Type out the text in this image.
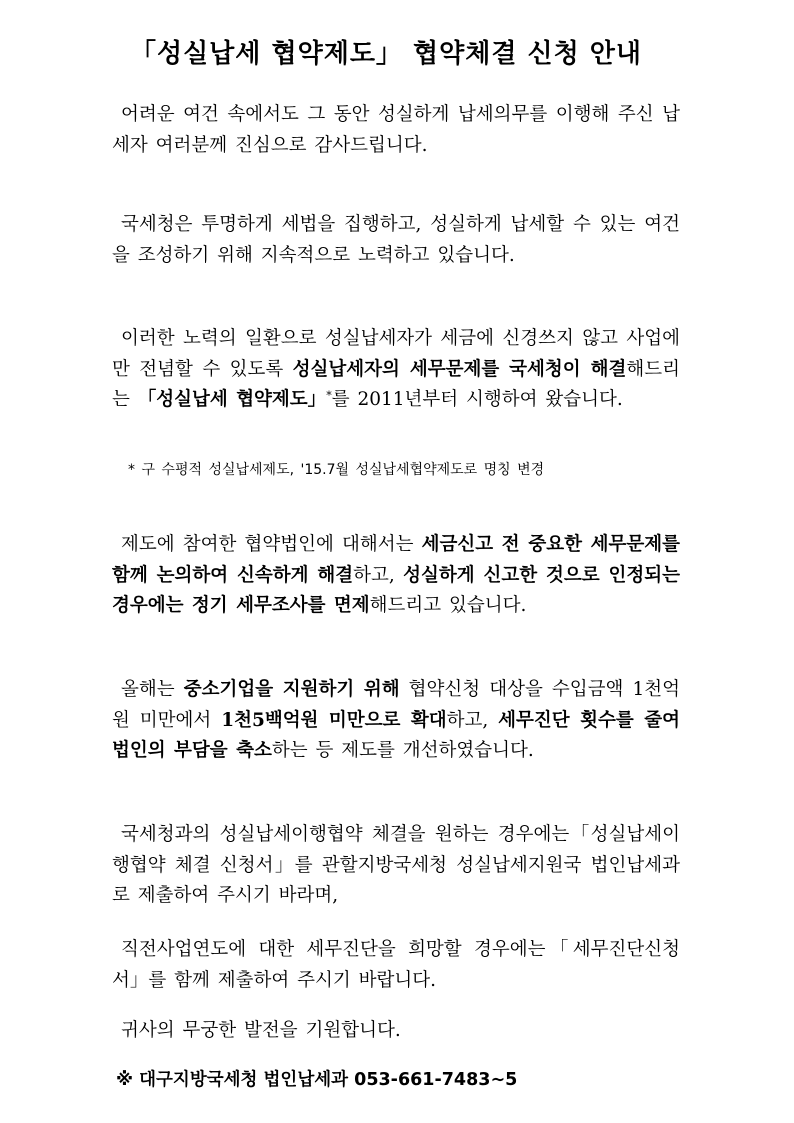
「성실납세 협약제도」 협약체결 신청 안내

어려운 여건 속에서도 그 동안 성실하게 납세의무를 이행해 주신 납세자 여러분께 진심으로 감사드립니다.

국세청은 투명하게 세법을 집행하고, 성실하게 납세할 수 있는 여건을 조성하기 위해 지속적으로 노력하고 있습니다.

이러한 노력의 일환으로 성실납세자가 세금에 신경쓰지 않고 사업에만 전념할 수 있도록 성실납세자의 세무문제를 국세청이 해결해드리는 「성실납세 협약제도」*를 2011년부터 시행하여 왔습니다.

* 구 수평적 성실납세제도, '15.7월 성실납세협약제도로 명칭 변경

제도에 참여한 협약법인에 대해서는 세금신고 전 중요한 세무문제를 함께 논의하여 신속하게 해결하고, 성실하게 신고한 것으로 인정되는 경우에는 정기 세무조사를 면제해드리고 있습니다.

올해는 중소기업을 지원하기 위해 협약신청 대상을 수입금액 1천억원 미만에서 1천5백억원 미만으로 확대하고, 세무진단 횟수를 줄여 법인의 부담을 축소하는 등 제도를 개선하였습니다.

국세청과의 성실납세이행협약 체결을 원하는 경우에는「성실납세이행협약 체결 신청서」를 관할지방국세청 성실납세지원국 법인납세과로 제출하여 주시기 바라며,

직전사업연도에 대한 세무진단을 희망할 경우에는「세무진단신청서」를 함께 제출하여 주시기 바랍니다.

귀사의 무궁한 발전을 기원합니다.

※ 대구지방국세청 법인납세과 053-661-7483∼5
